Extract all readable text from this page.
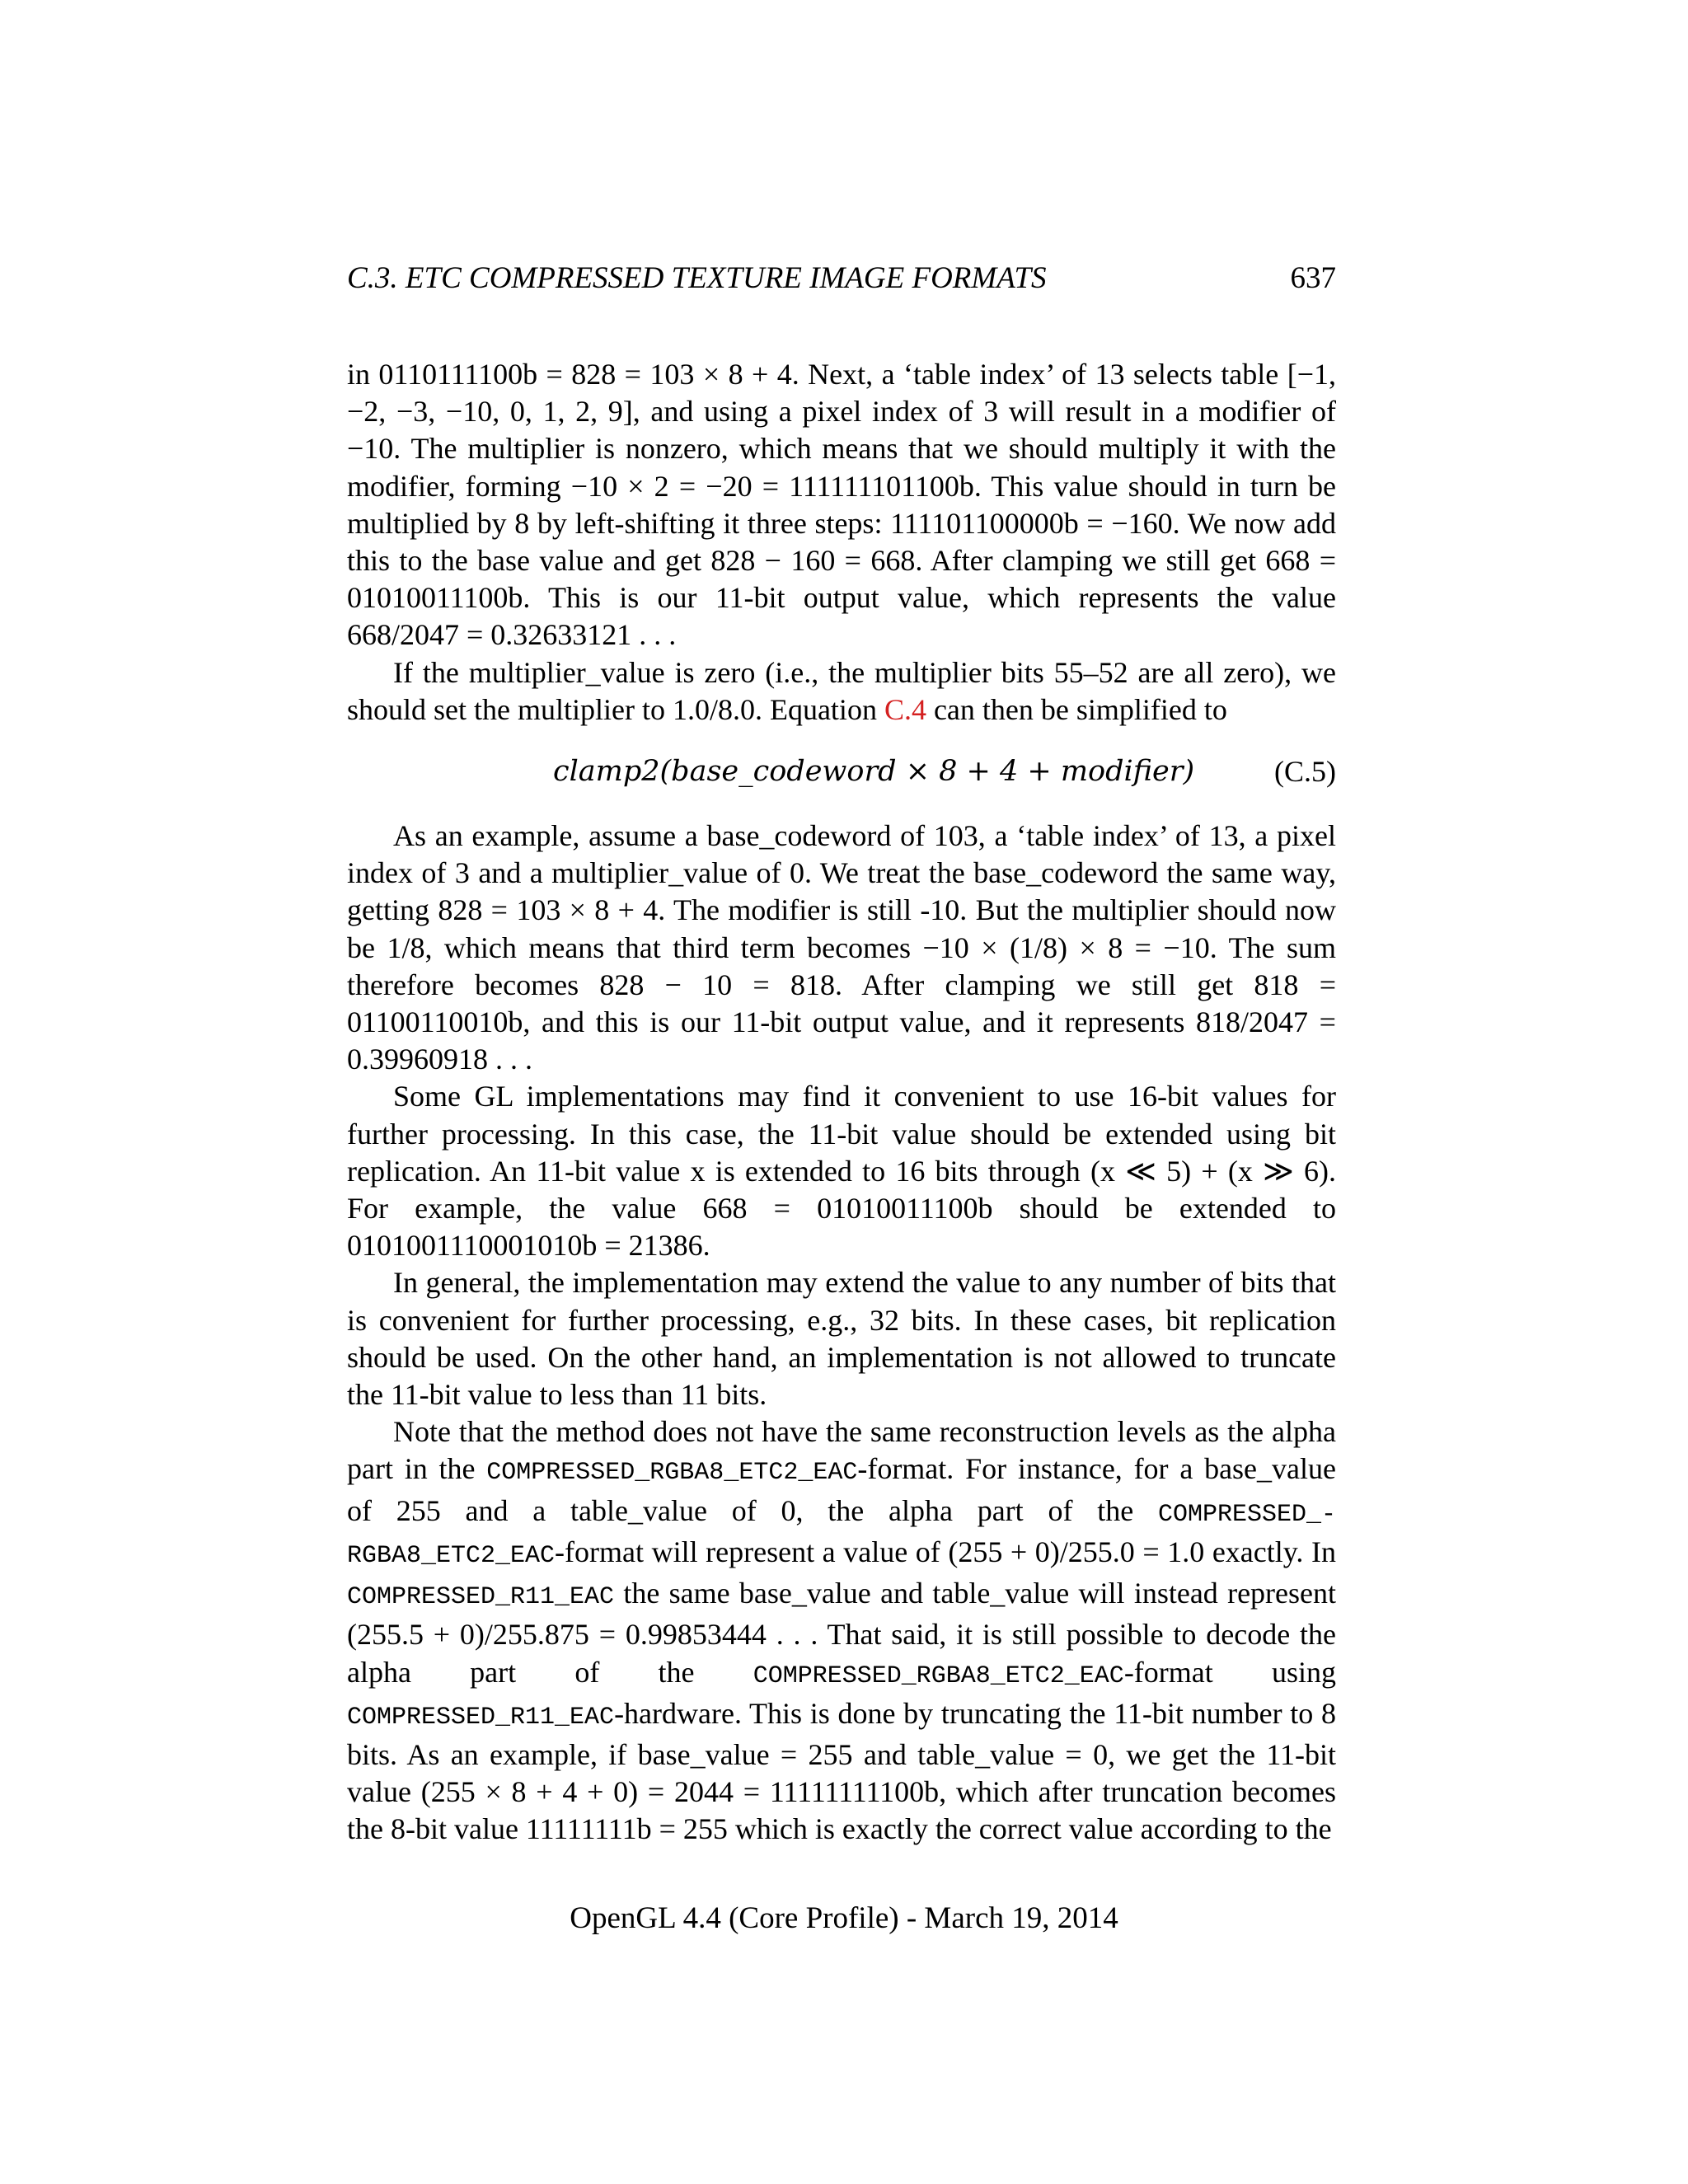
C.3. ETC COMPRESSED TEXTURE IMAGE FORMATS	637

in 0110111100b = 828 = 103 × 8 + 4. Next, a ‘table index’ of 13 selects table [−1, −2, −3, −10, 0, 1, 2, 9], and using a pixel index of 3 will result in a modifier of −10. The multiplier is nonzero, which means that we should multiply it with the modifier, forming −10 × 2 = −20 = 111111101100b. This value should in turn be multiplied by 8 by left-shifting it three steps: 111101100000b = −160. We now add this to the base value and get 828 − 160 = 668. After clamping we still get 668 = 01010011100b. This is our 11-bit output value, which represents the value 668/2047 = 0.32633121 . . .

If the multiplier_value is zero (i.e., the multiplier bits 55–52 are all zero), we should set the multiplier to 1.0/8.0. Equation C.4 can then be simplified to

clamp2(base_codeword × 8 + 4 + modifier)	(C.5)

As an example, assume a base_codeword of 103, a ‘table index’ of 13, a pixel index of 3 and a multiplier_value of 0. We treat the base_codeword the same way, getting 828 = 103 × 8 + 4. The modifier is still -10. But the multiplier should now be 1/8, which means that third term becomes −10 × (1/8) × 8 = −10. The sum therefore becomes 828 − 10 = 818. After clamping we still get 818 = 01100110010b, and this is our 11-bit output value, and it represents 818/2047 = 0.39960918 . . .

Some GL implementations may find it convenient to use 16-bit values for further processing. In this case, the 11-bit value should be extended using bit replication. An 11-bit value x is extended to 16 bits through (x ≪ 5) + (x ≫ 6). For example, the value 668 = 01010011100b should be extended to 0101001110001010b = 21386.

In general, the implementation may extend the value to any number of bits that is convenient for further processing, e.g., 32 bits. In these cases, bit replication should be used. On the other hand, an implementation is not allowed to truncate the 11-bit value to less than 11 bits.

Note that the method does not have the same reconstruction levels as the alpha part in the COMPRESSED_RGBA8_ETC2_EAC-format. For instance, for a base_value of 255 and a table_value of 0, the alpha part of the COMPRESSED_-RGBA8_ETC2_EAC-format will represent a value of (255 + 0)/255.0 = 1.0 exactly. In COMPRESSED_R11_EAC the same base_value and table_value will instead represent (255.5 + 0)/255.875 = 0.99853444 . . . That said, it is still possible to decode the alpha part of the COMPRESSED_RGBA8_ETC2_EAC-format using COMPRESSED_R11_EAC-hardware. This is done by truncating the 11-bit number to 8 bits. As an example, if base_value = 255 and table_value = 0, we get the 11-bit value (255 × 8 + 4 + 0) = 2044 = 11111111100b, which after truncation becomes the 8-bit value 11111111b = 255 which is exactly the correct value according to the

OpenGL 4.4 (Core Profile) - March 19, 2014
